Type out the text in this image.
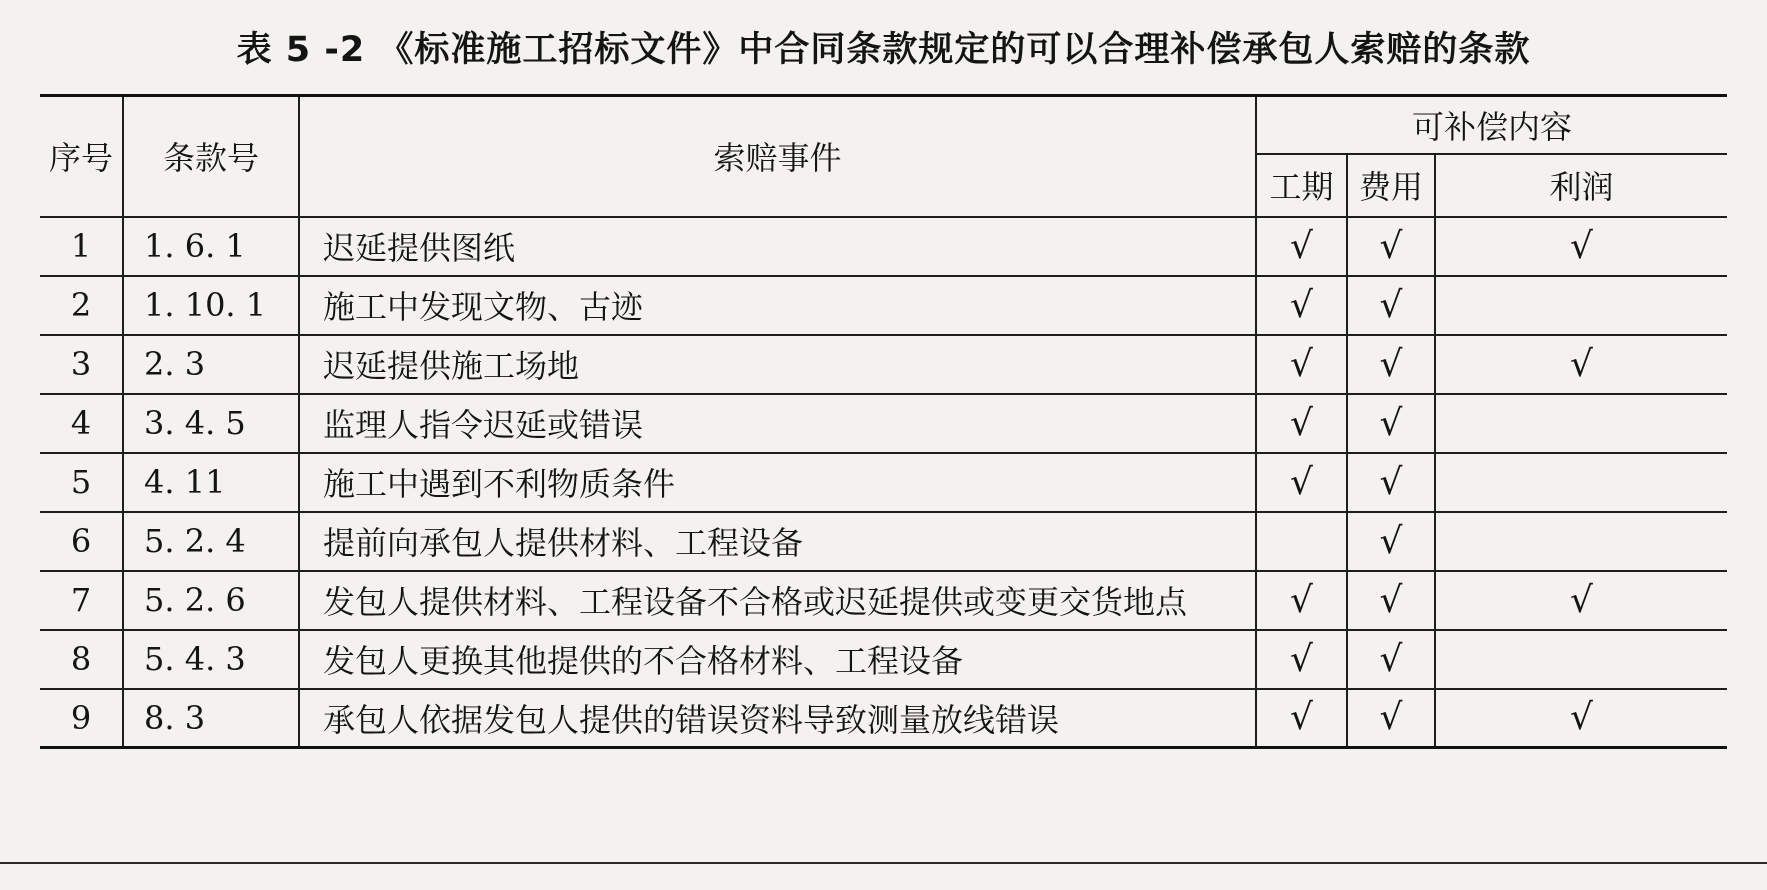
表 5 -2 《标准施工招标文件》中合同条款规定的可以合理补偿承包人索赔的条款
序号	条款号	索赔事件	可补偿内容		
			工期	费用	利润
1	1. 6. 1	迟延提供图纸	√	√	√
2	1. 10. 1	施工中发现文物、古迹	√	√	
3	2. 3	迟延提供施工场地	√	√	√
4	3. 4. 5	监理人指令迟延或错误	√	√	
5	4. 11	施工中遇到不利物质条件	√	√	
6	5. 2. 4	提前向承包人提供材料、工程设备		√	
7	5. 2. 6	发包人提供材料、工程设备不合格或迟延提供或变更交货地点	√	√	√
8	5. 4. 3	发包人更换其他提供的不合格材料、工程设备	√	√	
9	8. 3	承包人依据发包人提供的错误资料导致测量放线错误	√	√	√
